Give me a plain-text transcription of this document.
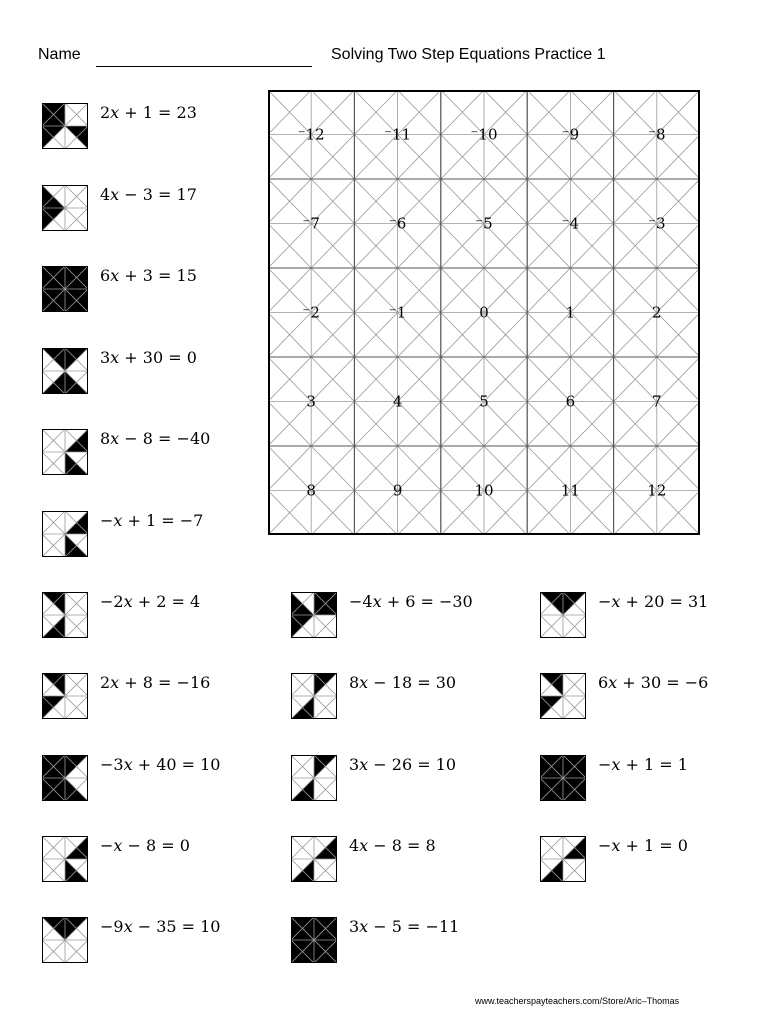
Name	Solving Two Step Equations Practice 1
⁻12	⁻11	⁻10	⁻9	⁻8
⁻7	⁻6	⁻5	⁻4	⁻3
⁻2	⁻1	0	1	2
3	4	5	6	7
8	9	10	11	12
2𝑥 + 1 = 23
4𝑥 − 3 = 17
6𝑥 + 3 = 15
3𝑥 + 30 = 0
8𝑥 − 8 = −40
−𝑥 + 1 = −7
−2𝑥 + 2 = 4
2𝑥 + 8 = −16
−3𝑥 + 40 = 10
−𝑥 − 8 = 0
−9𝑥 − 35 = 10
−4𝑥 + 6 = −30
8𝑥 − 18 = 30
3𝑥 − 26 = 10
4𝑥 − 8 = 8
3𝑥 − 5 = −11
−𝑥 + 20 = 31
6𝑥 + 30 = −6
−𝑥 + 1 = 1
−𝑥 + 1 = 0
www.teacherspayteachers.com/Store/Aric–Thomas
